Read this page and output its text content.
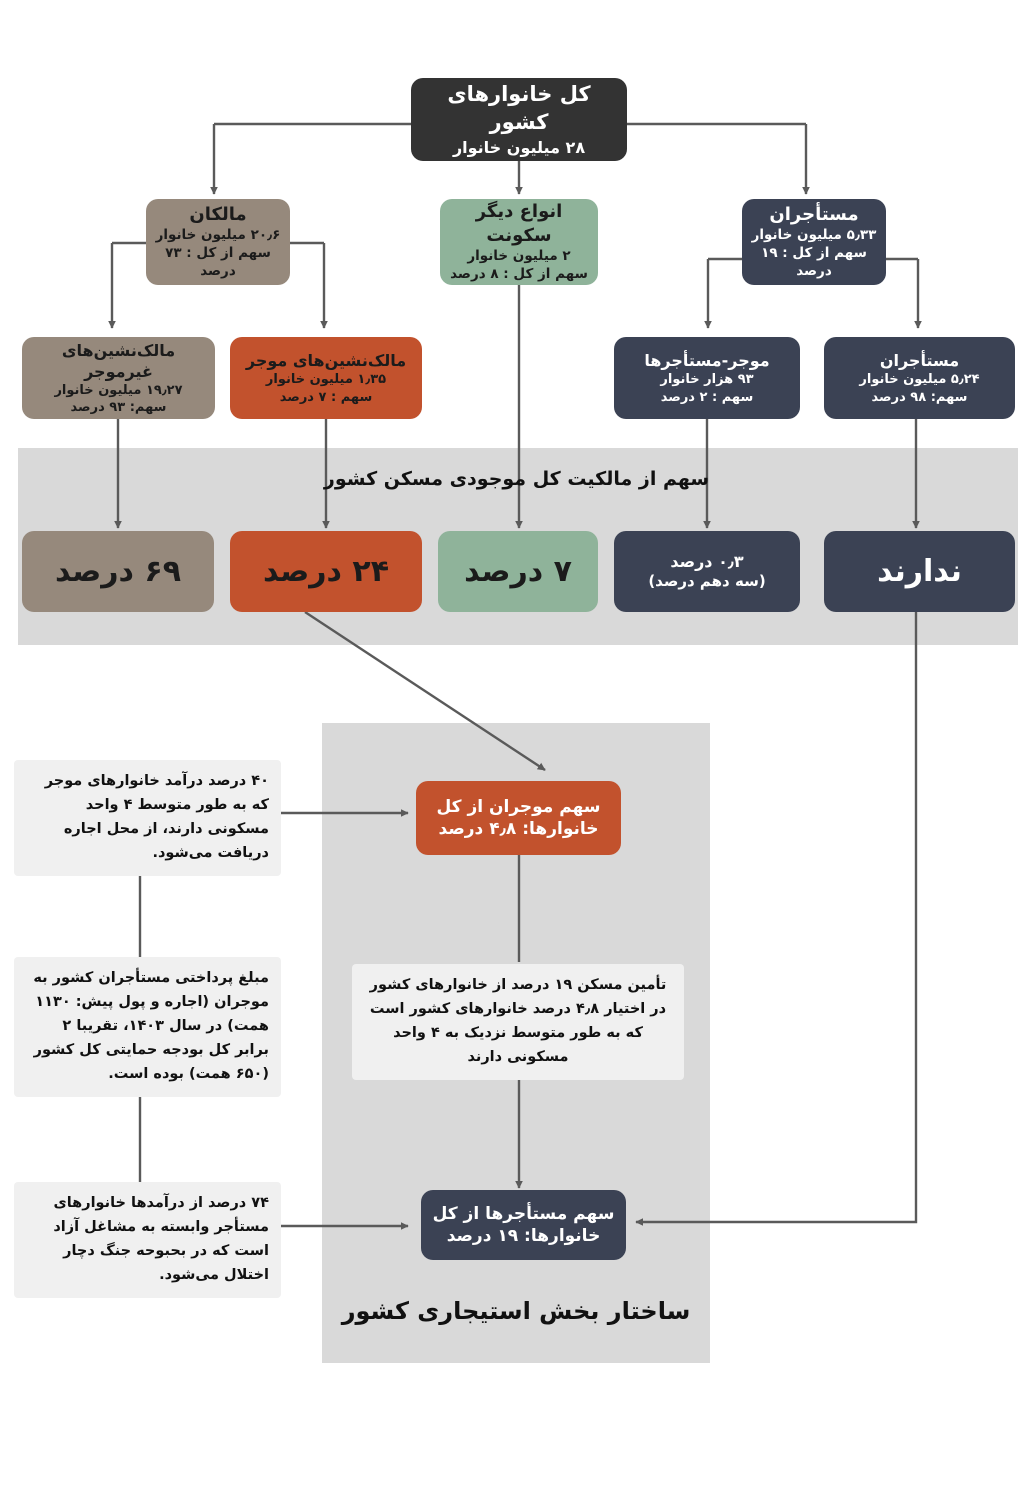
کل خانوارهای کشور
۲۸ میلیون خانوار
مالکان
۲۰٫۶ میلیون خانوار
سهم از کل : ۷۳ درصد
انواع دیگر سکونت
۲ میلیون خانوار
سهم از کل : ۸ درصد
مستأجران
۵٫۳۳ میلیون خانوار
سهم از کل : ۱۹ درصد
مالک‌نشین‌های غیرموجر
۱۹٫۲۷ میلیون خانوار
سهم: ۹۳ درصد
مالک‌نشین‌های موجر
۱٫۳۵ میلیون خانوار
سهم : ۷ درصد
موجر-مستأجرها
۹۳ هزار خانوار
سهم : ۲ درصد
مستأجران
۵٫۲۴ میلیون خانوار
سهم: ۹۸ درصد
سهم از مالکیت کل موجودی مسکن کشور
۶۹ درصد	۲۴ درصد	۷ درصد	۰٫۳ درصد
(سه دهم درصد)	ندارند
سهم موجران از کل
خانوارها: ۴٫۸ درصد
تأمین مسکن ۱۹ درصد از خانوارهای کشور در اختیار ۴٫۸ درصد خانوارهای کشور است که به طور متوسط نزدیک به ۴ واحد مسکونی دارند
سهم مستأجرها از کل
خانوارها: ۱۹ درصد
ساختار بخش استیجاری کشور
۴۰ درصد درآمد خانوارهای موجر که به طور متوسط ۴ واحد مسکونی دارند، از محل اجاره دریافت می‌شود.
مبلغ پرداختی مستأجران کشور به موجران (اجاره و پول پیش: ۱۱۳۰ همت) در سال ۱۴۰۳، تقریبا ۲ برابر کل بودجه حمایتی کل کشور (۶۵۰ همت) بوده است.
۷۴ درصد از درآمدها خانوارهای مستأجر وابسته به مشاغل آزاد است که در بحبوحه جنگ دچار اختلال می‌شود.
